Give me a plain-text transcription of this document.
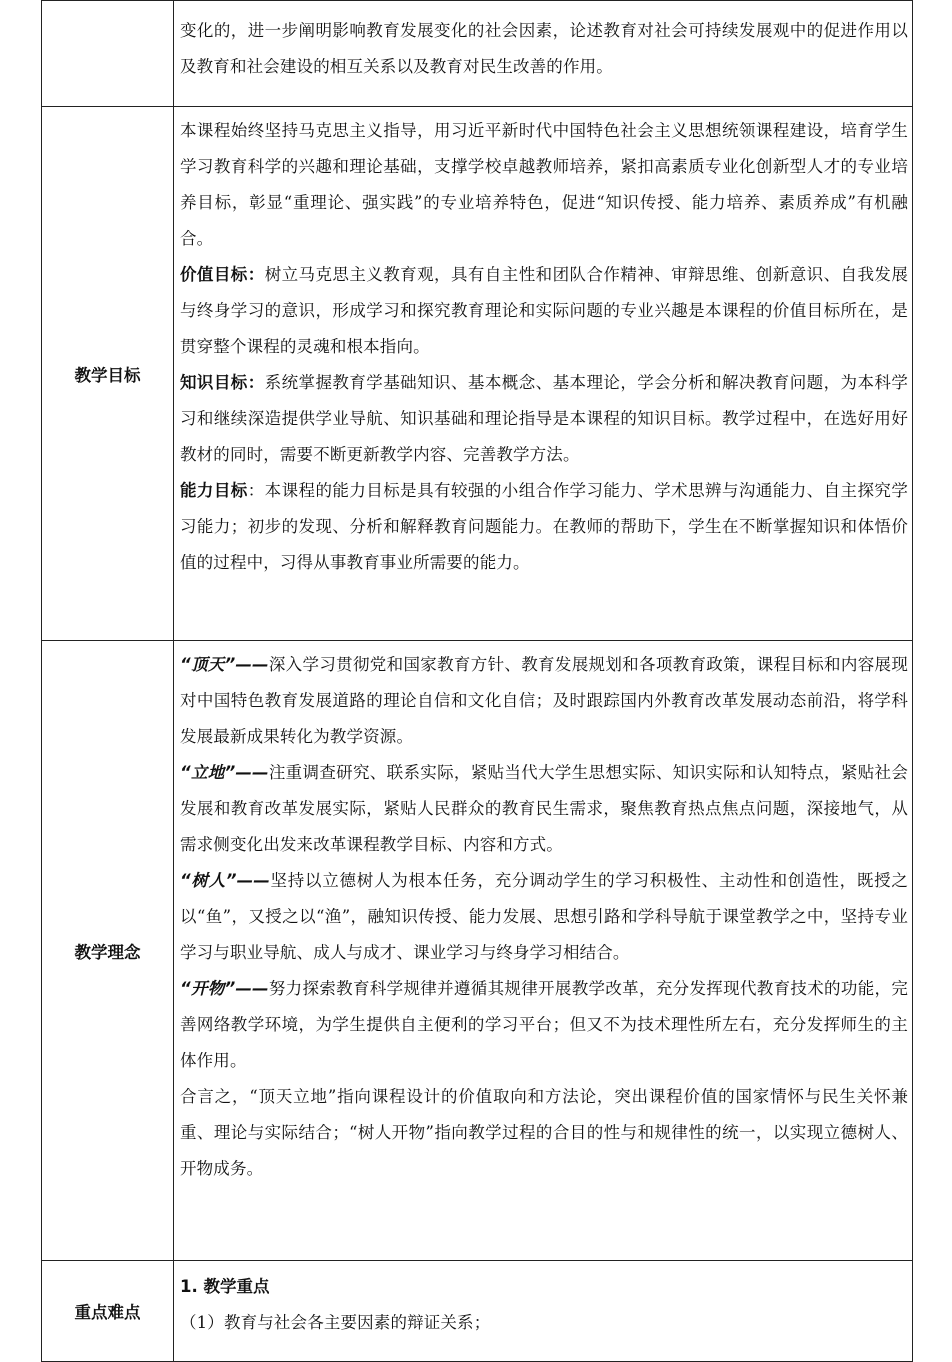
	变化的，进一步阐明影响教育发展变化的社会因素，论述教育对社会可持续发展观中的促进作用以及教育和社会建设的相互关系以及教育对民生改善的作用。

教学目标	本课程始终坚持马克思主义指导，用习近平新时代中国特色社会主义思想统领课程建设，培育学生学习教育科学的兴趣和理论基础，支撑学校卓越教师培养，紧扣高素质专业化创新型人才的专业培养目标，彰显“重理论、强实践”的专业培养特色，促进“知识传授、能力培养、素质养成”有机融合。

价值目标：树立马克思主义教育观，具有自主性和团队合作精神、审辩思维、创新意识、自我发展与终身学习的意识，形成学习和探究教育理论和实际问题的专业兴趣是本课程的价值目标所在，是贯穿整个课程的灵魂和根本指向。

知识目标：系统掌握教育学基础知识、基本概念、基本理论，学会分析和解决教育问题，为本科学习和继续深造提供学业导航、知识基础和理论指导是本课程的知识目标。教学过程中，在选好用好教材的同时，需要不断更新教学内容、完善教学方法。

能力目标：本课程的能力目标是具有较强的小组合作学习能力、学术思辨与沟通能力、自主探究学习能力；初步的发现、分析和解释教育问题能力。在教师的帮助下，学生在不断掌握知识和体悟价值的过程中，习得从事教育事业所需要的能力。

教学理念	“顶天”——深入学习贯彻党和国家教育方针、教育发展规划和各项教育政策，课程目标和内容展现对中国特色教育发展道路的理论自信和文化自信；及时跟踪国内外教育改革发展动态前沿，将学科发展最新成果转化为教学资源。

“立地”——注重调查研究、联系实际，紧贴当代大学生思想实际、知识实际和认知特点，紧贴社会发展和教育改革发展实际，紧贴人民群众的教育民生需求，聚焦教育热点焦点问题，深接地气，从需求侧变化出发来改革课程教学目标、内容和方式。

“树人”——坚持以立德树人为根本任务，充分调动学生的学习积极性、主动性和创造性，既授之以“鱼”，又授之以“渔”，融知识传授、能力发展、思想引路和学科导航于课堂教学之中，坚持专业学习与职业导航、成人与成才、课业学习与终身学习相结合。

“开物”——努力探索教育科学规律并遵循其规律开展教学改革，充分发挥现代教育技术的功能，完善网络教学环境，为学生提供自主便利的学习平台；但又不为技术理性所左右，充分发挥师生的主体作用。

合言之，“顶天立地”指向课程设计的价值取向和方法论，突出课程价值的国家情怀与民生关怀兼重、理论与实际结合；“树人开物”指向教学过程的合目的性与和规律性的统一，以实现立德树人、开物成务。

重点难点	1. 教学重点

（1）教育与社会各主要因素的辩证关系；
